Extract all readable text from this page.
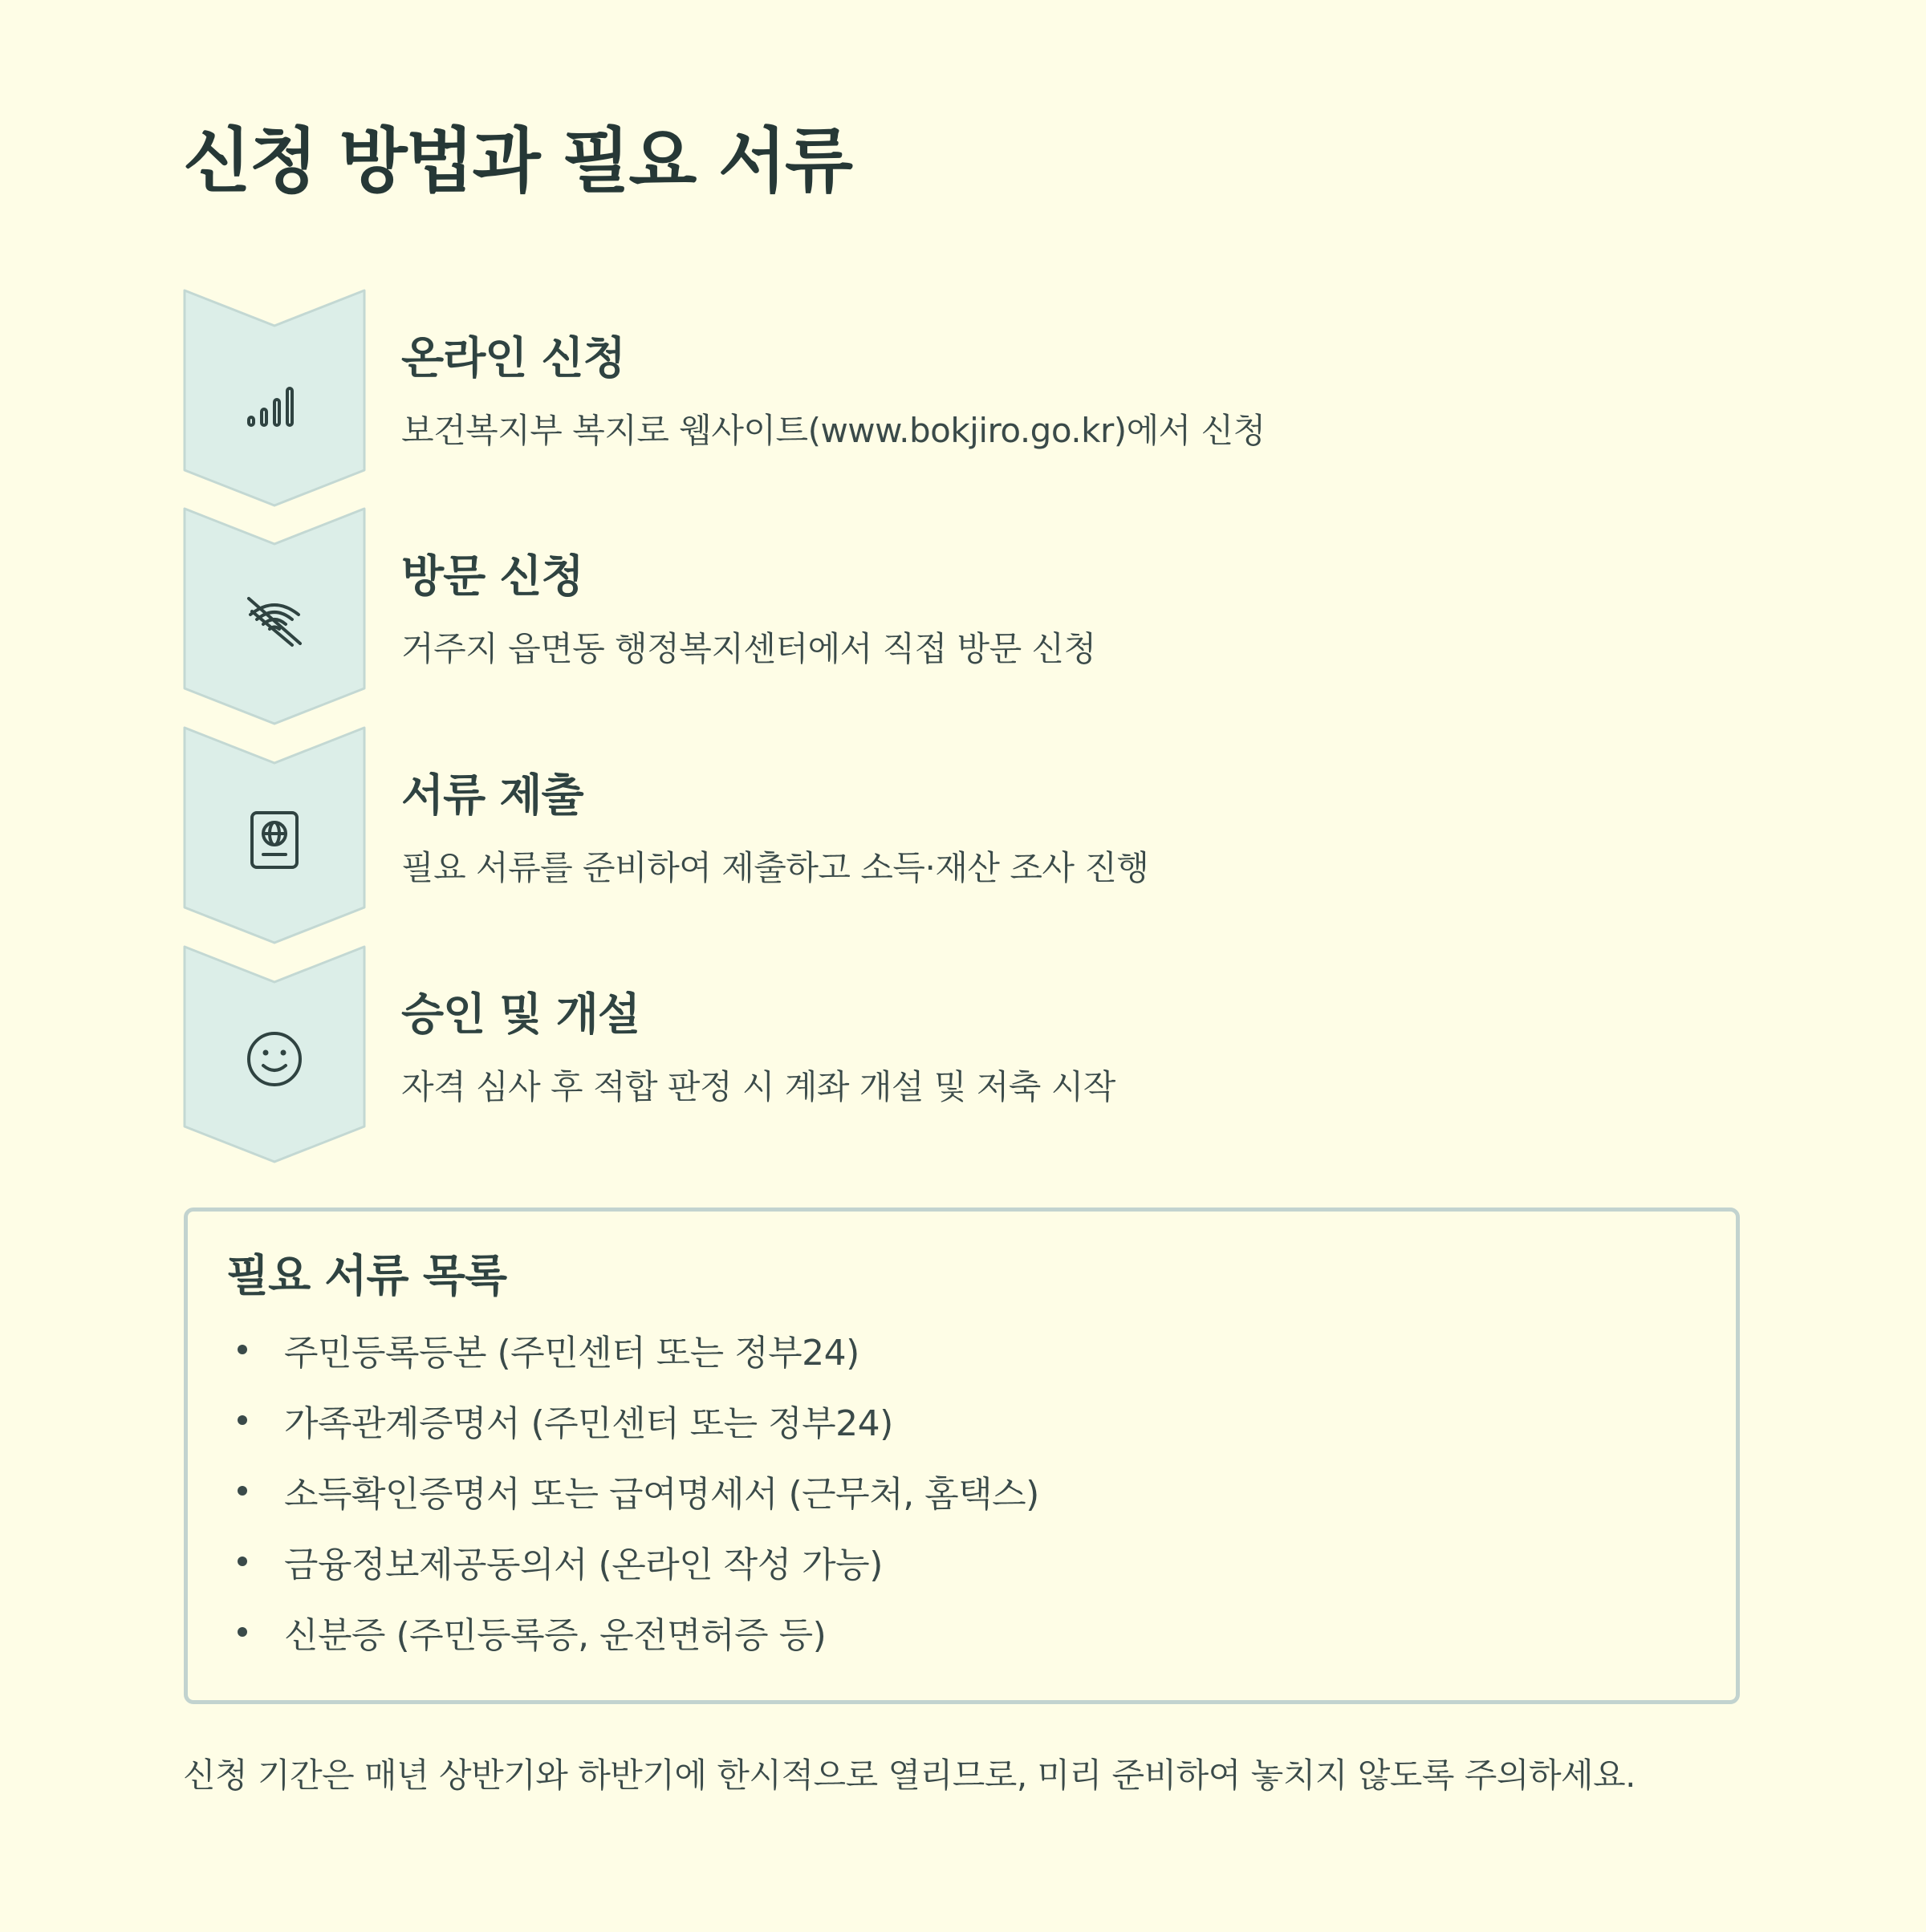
신청 방법과 필요 서류
온라인 신청

보건복지부 복지로 웹사이트(www.bokjiro.go.kr)에서 신청

방문 신청

거주지 읍면동 행정복지센터에서 직접 방문 신청

서류 제출

필요 서류를 준비하여 제출하고 소득·재산 조사 진행

승인 및 개설

자격 심사 후 적합 판정 시 계좌 개설 및 저축 시작

필요 서류 목록
주민등록등본 (주민센터 또는 정부24)
가족관계증명서 (주민센터 또는 정부24)
소득확인증명서 또는 급여명세서 (근무처, 홈택스)
금융정보제공동의서 (온라인 작성 가능)
신분증 (주민등록증, 운전면허증 등)

신청 기간은 매년 상반기와 하반기에 한시적으로 열리므로, 미리 준비하여 놓치지 않도록 주의하세요.
